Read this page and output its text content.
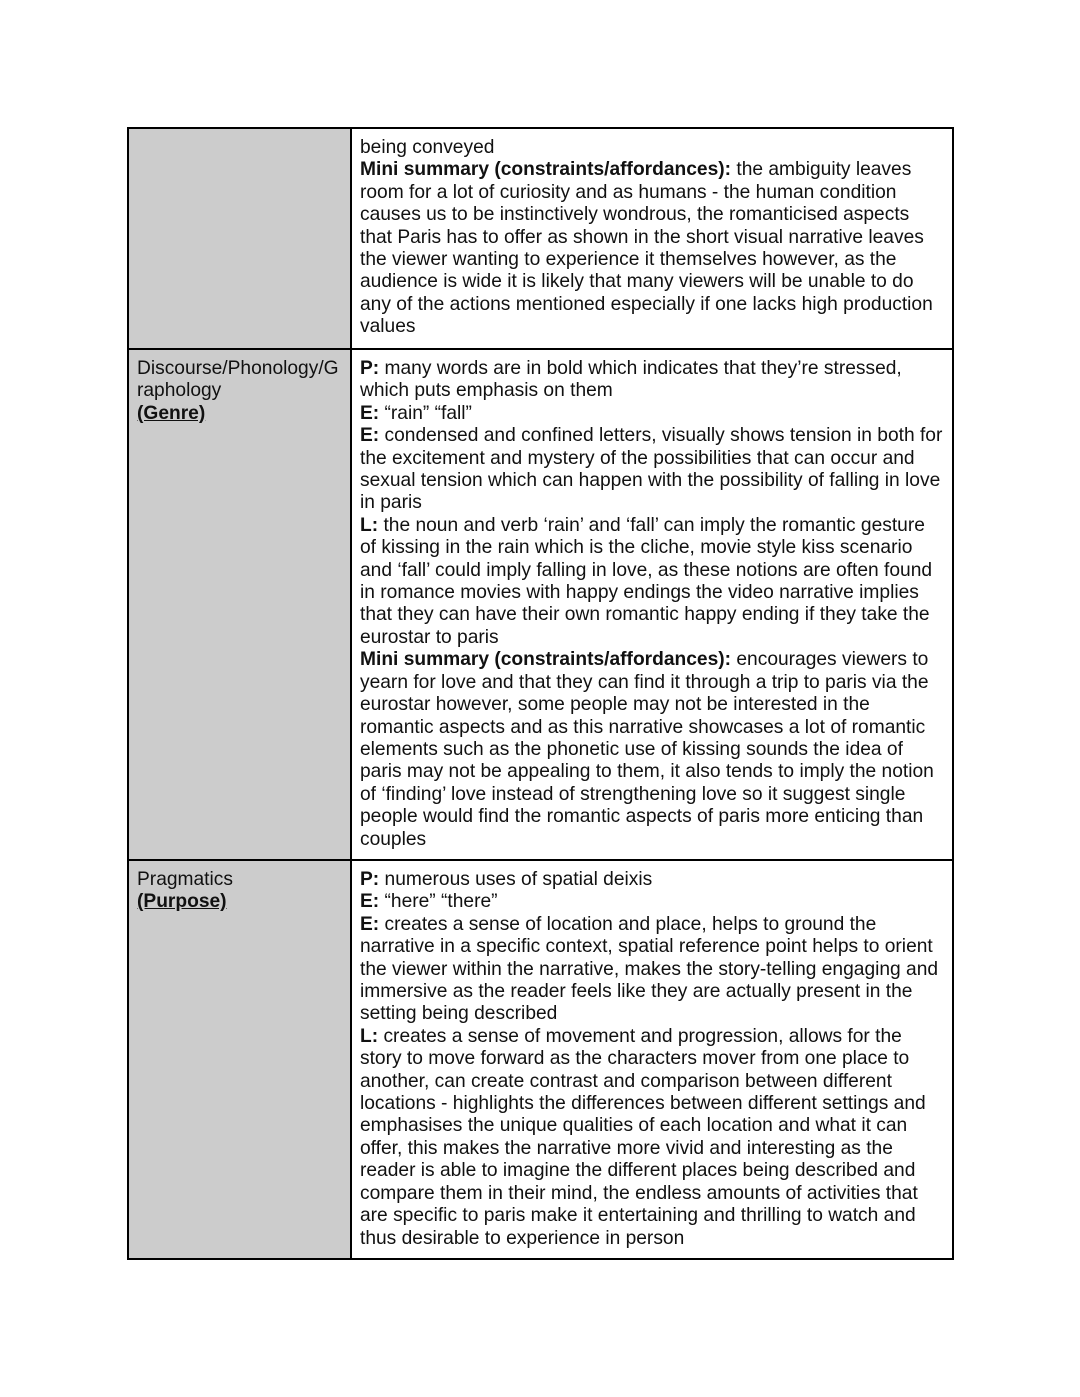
	being conveyed
Mini summary (constraints/affordances): the ambiguity leaves room for a lot of curiosity and as humans - the human condition causes us to be instinctively wondrous, the romanticised aspects that Paris has to offer as shown in the short visual narrative leaves the viewer wanting to experience it themselves however, as the audience is wide it is likely that many viewers will be unable to do any of the actions mentioned especially if one lacks high production values

Discourse/Phonology/Graphology
(Genre)	P: many words are in bold which indicates that they’re stressed, which puts emphasis on them
E: “rain” “fall”
E: condensed and confined letters, visually shows tension in both for the excitement and mystery of the possibilities that can occur and sexual tension which can happen with the possibility of falling in love in paris
L: the noun and verb ‘rain’ and ‘fall’ can imply the romantic gesture of kissing in the rain which is the cliche, movie style kiss scenario and ‘fall’ could imply falling in love, as these notions are often found in romance movies with happy endings the video narrative implies that they can have their own romantic happy ending if they take the eurostar to paris
Mini summary (constraints/affordances): encourages viewers to yearn for love and that they can find it through a trip to paris via the eurostar however, some people may not be interested in the romantic aspects and as this narrative showcases a lot of romantic elements such as the phonetic use of kissing sounds the idea of paris may not be appealing to them, it also tends to imply the notion of ‘finding’ love instead of strengthening love so it suggest single people would find the romantic aspects of paris more enticing than couples

Pragmatics
(Purpose)	P: numerous uses of spatial deixis
E: “here” “there”
E: creates a sense of location and place, helps to ground the narrative in a specific context, spatial reference point helps to orient the viewer within the narrative, makes the story-telling engaging and immersive as the reader feels like they are actually present in the setting being described
L: creates a sense of movement and progression, allows for the story to move forward as the characters mover from one place to another, can create contrast and comparison between different locations - highlights the differences between different settings and emphasises the unique qualities of each location and what it can offer, this makes the narrative more vivid and interesting as the reader is able to imagine the different places being described and compare them in their mind, the endless amounts of activities that are specific to paris make it entertaining and thrilling to watch and thus desirable to experience in person
